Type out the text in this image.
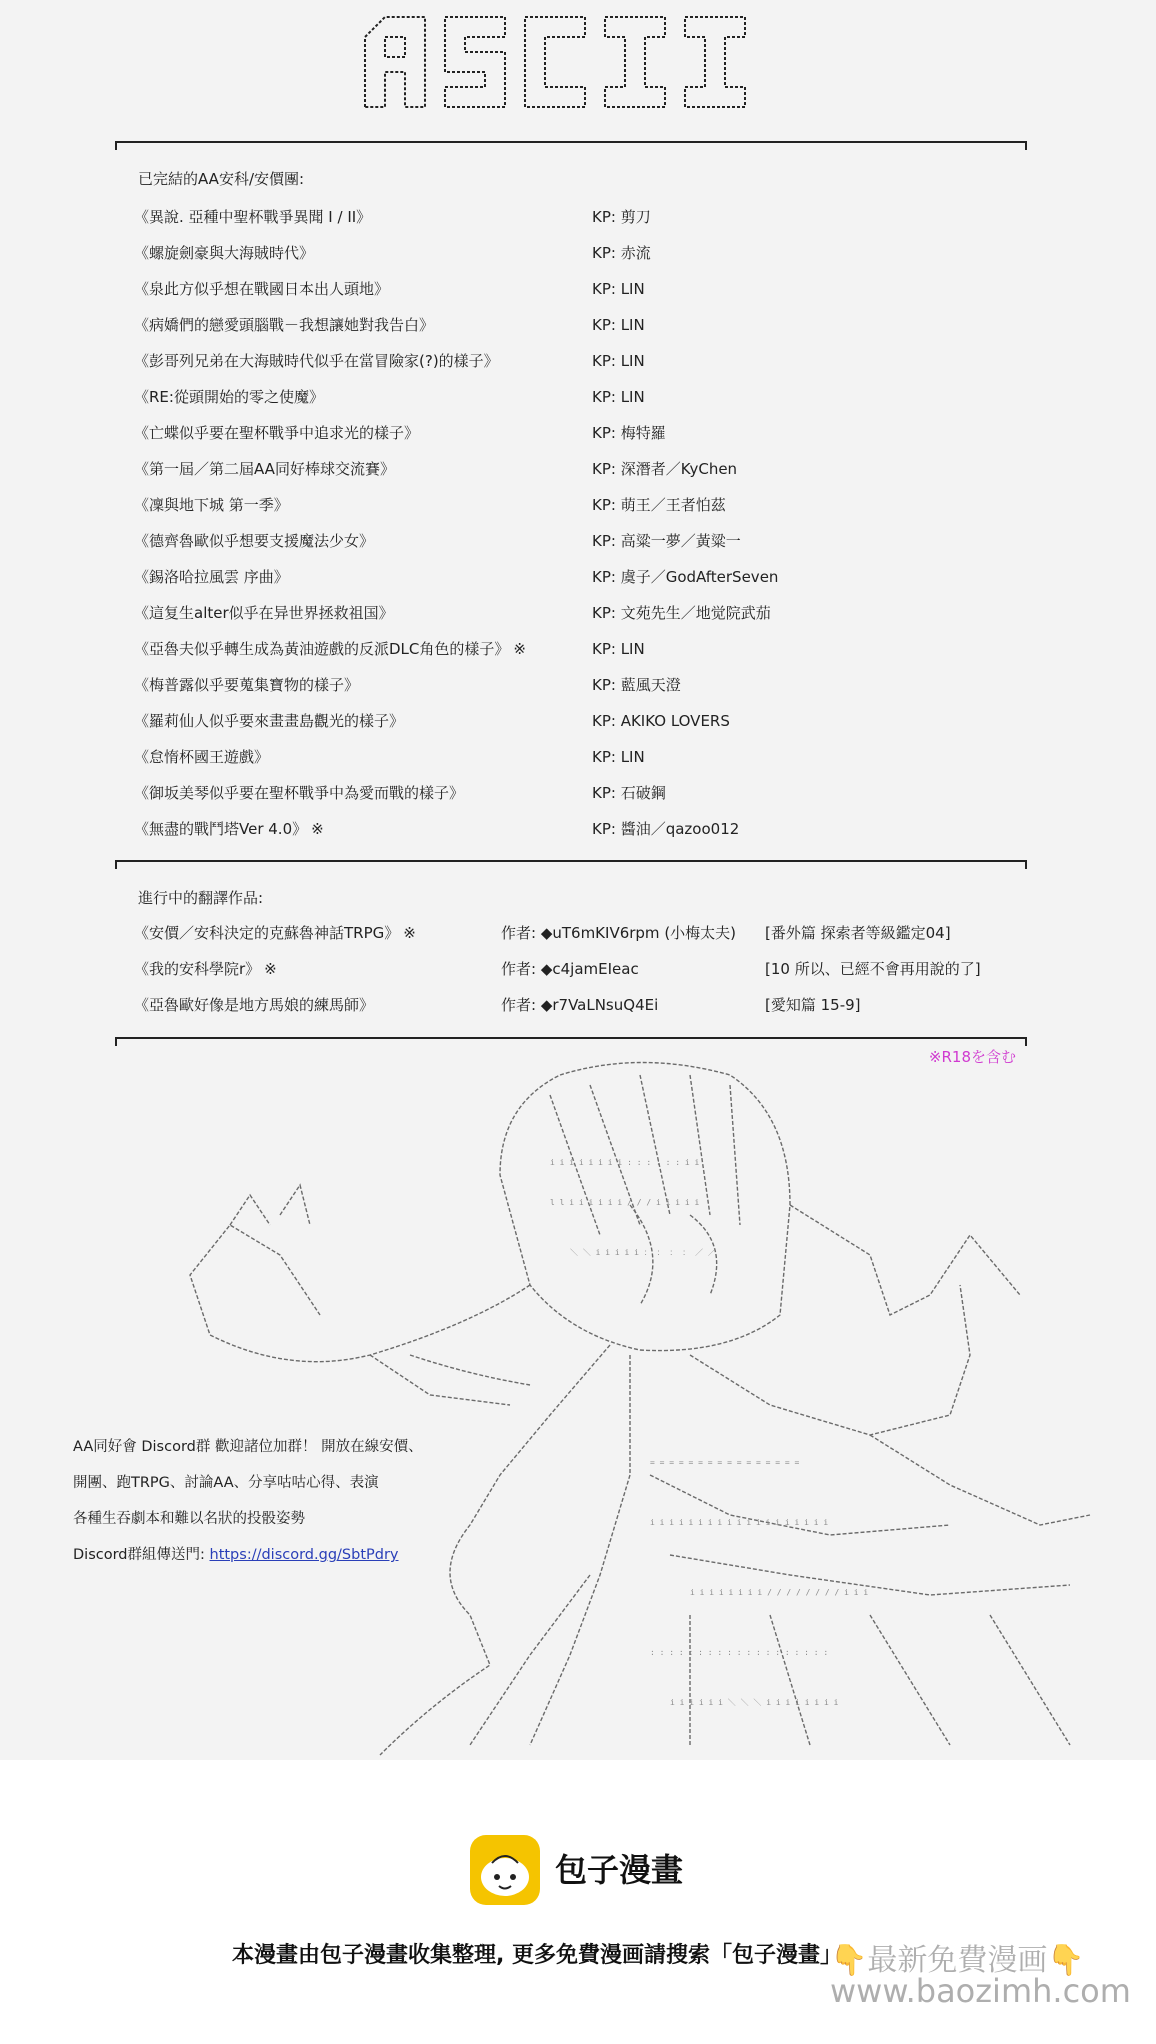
已完結的AA安科/安價團:
《異說. 亞種中聖杯戰爭異聞 I / II》	KP: 剪刀
《螺旋劍豪與大海賊時代》	KP: 赤流
《泉此方似乎想在戰國日本出人頭地》	KP: LIN
《病嬌們的戀愛頭腦戰－我想讓她對我告白》	KP: LIN
《彭哥列兄弟在大海賊時代似乎在當冒險家(?)的樣子》	KP: LIN
《RE:從頭開始的零之使魔》	KP: LIN
《亡蝶似乎要在聖杯戰爭中追求光的樣子》	KP: 梅特羅
《第一屆／第二屆AA同好棒球交流賽》	KP: 深潛者／KyChen
《凜與地下城 第一季》	KP: 萌王／王者怕茲
《德齊魯歐似乎想要支援魔法少女》	KP: 高粱一夢／黃粱一
《錫洛哈拉風雲 序曲》	KP: 虞子／GodAfterSeven
《這复生alter似乎在异世界拯救祖国》	KP: 文苑先生／地觉院武茄
《亞魯夫似乎轉生成為黃油遊戲的反派DLC角色的樣子》 ※	KP: LIN
《梅普露似乎要蒐集寶物的樣子》	KP: 藍風天澄
《羅莉仙人似乎要來畫畫島觀光的樣子》	KP: AKIKO LOVERS
《怠惰杯國王遊戲》	KP: LIN
《御坂美琴似乎要在聖杯戰爭中為愛而戰的樣子》	KP: 石破鋼
《無盡的戰鬥塔Ver 4.0》 ※	KP: 醬油／qazoo012
進行中的翻譯作品:
《安價／安科決定的克蘇魯神話TRPG》 ※	作者: ◆uT6mKIV6rpm (小梅太夫) [番外篇 探索者等級鑑定04]
《我的安科學院r》 ※	作者: ◆c4jamEIeac	[10 所以、已經不會再用說的了]
《亞魯歐好像是地方馬娘的練馬師》	作者: ◆r7VaLNsuQ4Ei	[愛知篇 15-9]
※R18を含む
i i i i i i i i : : : : : : i i
l l i i i i i i / / / i i i i i
＼ ＼ i i i i i ： ： ： ： ／ ／
= = = = = = = = = = = = = = = =
i i i i i i i i i i i i i i i i i i i
i i i i i i i i / / / / / / / / i i i
: : : : : : : : : : : : : : : : : : :
i i i i i i ＼ ＼ ＼ i i i i i i i i
AA同好會 Discord群 歡迎諸位加群！ 開放在線安價、
開團、跑TRPG、討論AA、分享咕咕心得、表演
各種生吞劇本和難以名狀的投骰姿勢
Discord群組傳送門: https://discord.gg/SbtPdry
包子漫畫
本漫畫由包子漫畫收集整理, 更多免費漫画請搜索「包子漫畫」
👇最新免費漫画👇
www.baozimh.com
